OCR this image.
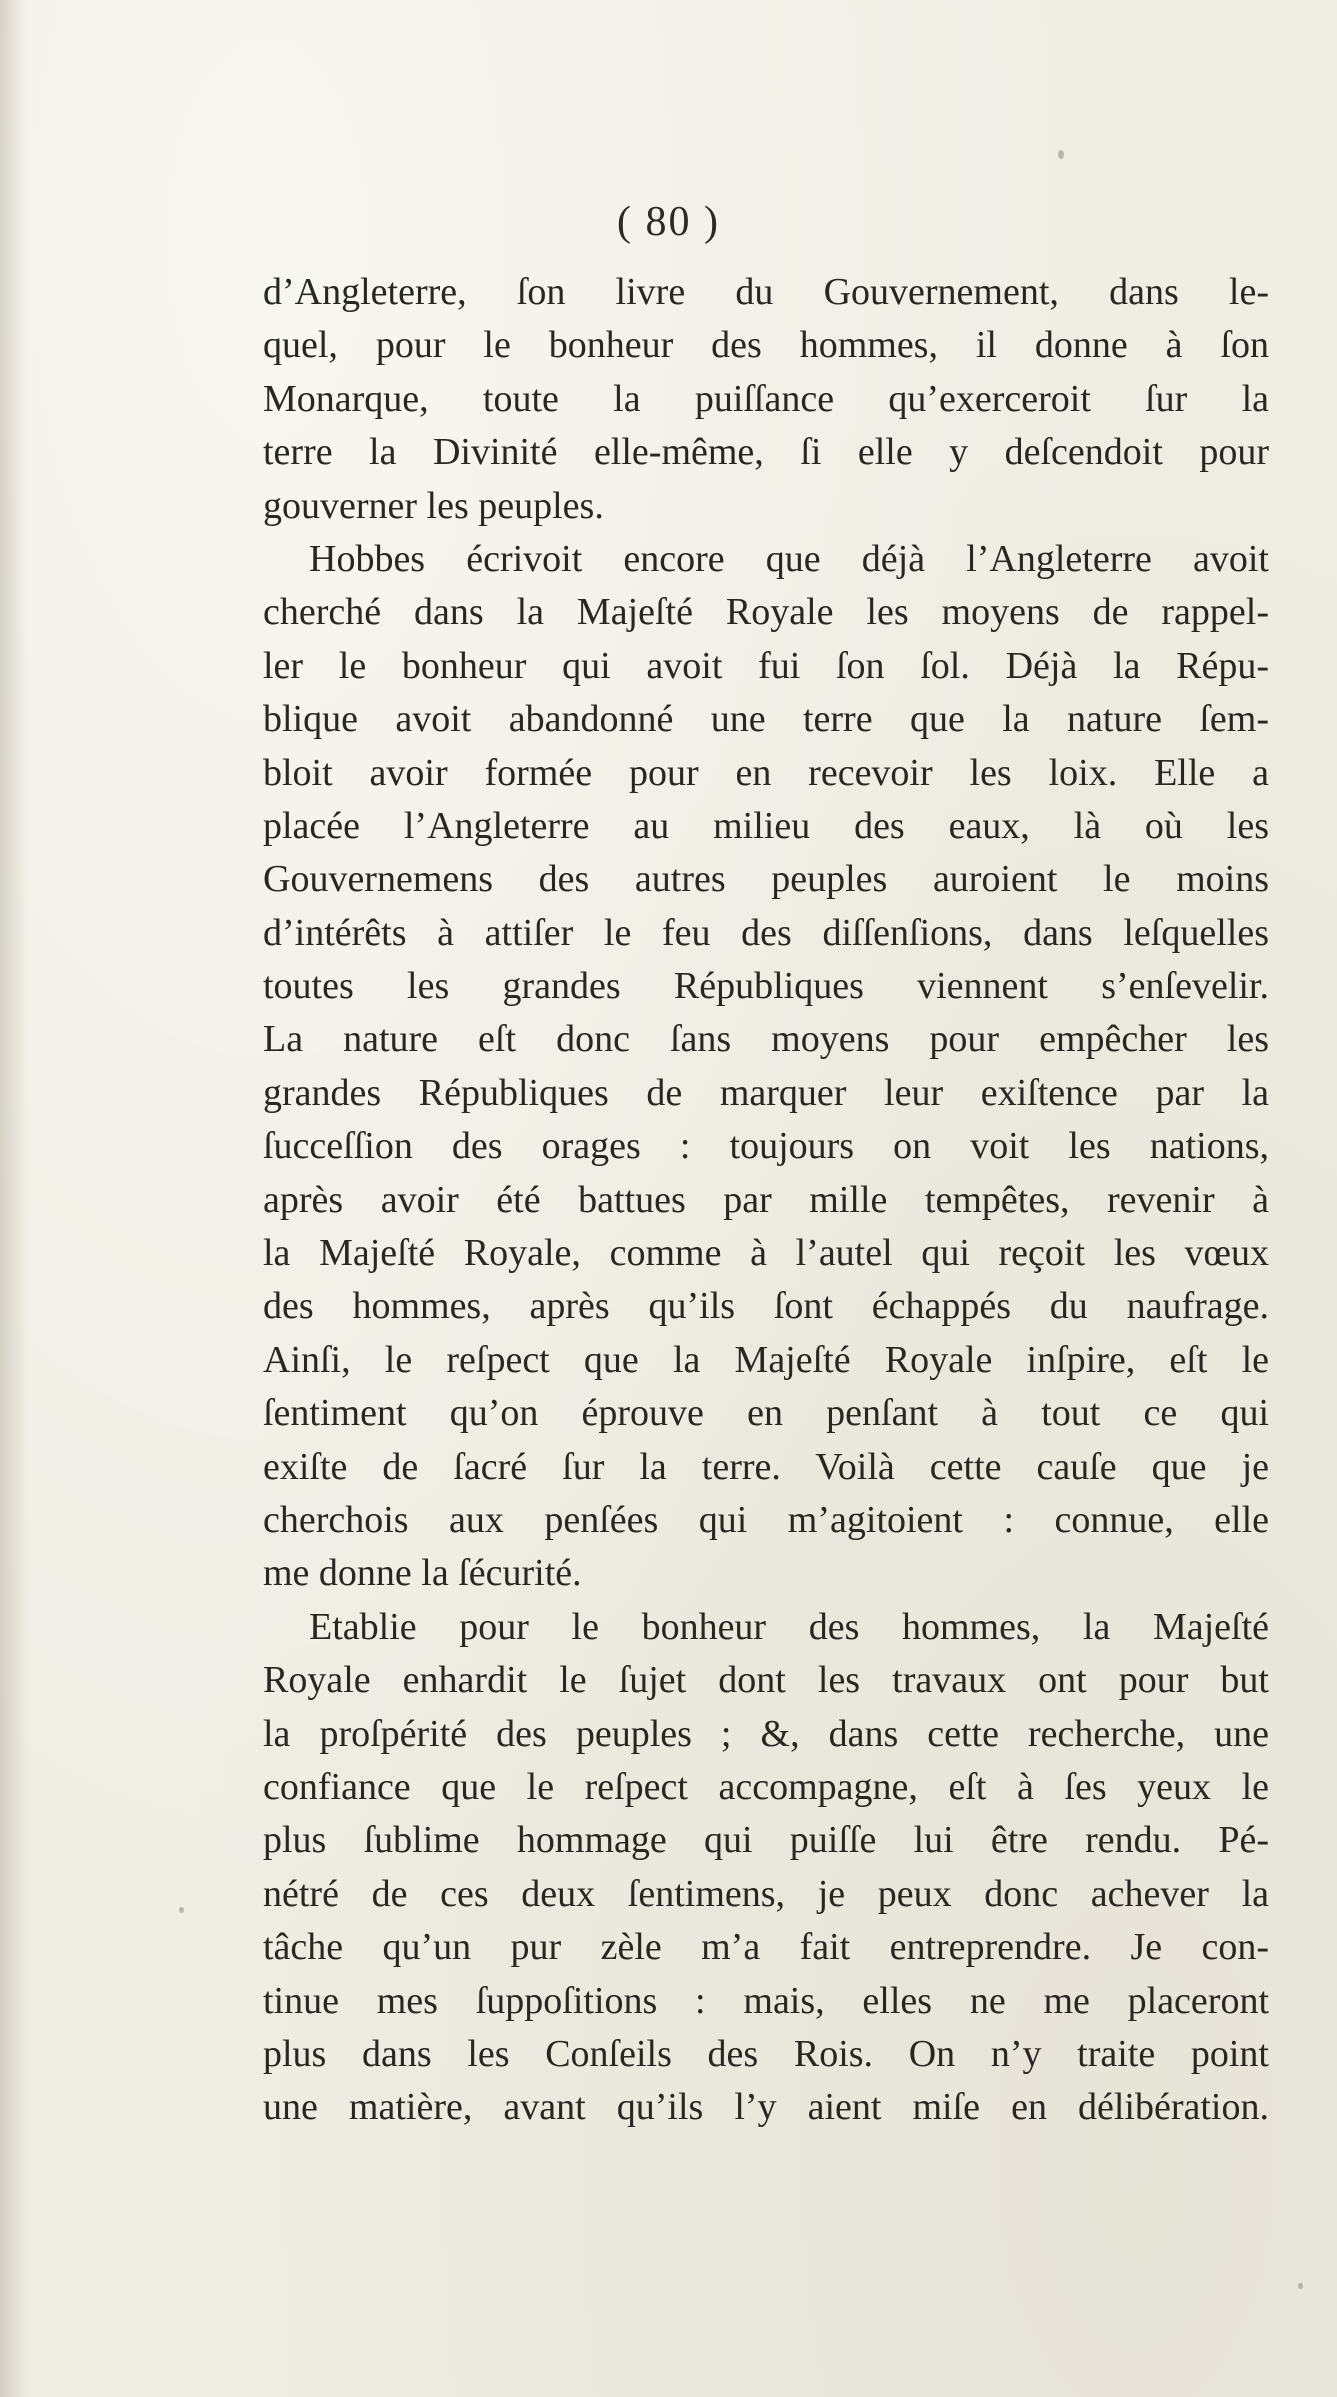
( 80 )
d’Angleterre, ſon livre du Gouvernement, dans le-
quel, pour le bonheur des hommes, il donne à ſon
Monarque, toute la puiſſance qu’exerceroit ſur la
terre la Divinité elle-même, ſi elle y deſcendoit pour
gouverner les peuples.
Hobbes écrivoit encore que déjà l’Angleterre avoit
cherché dans la Majeſté Royale les moyens de rappel-
ler le bonheur qui avoit fui ſon ſol. Déjà la Répu-
blique avoit abandonné une terre que la nature ſem-
bloit avoir formée pour en recevoir les loix. Elle a
placée l’Angleterre au milieu des eaux, là où les
Gouvernemens des autres peuples auroient le moins
d’intérêts à attiſer le feu des diſſenſions, dans leſquelles
toutes les grandes Républiques viennent s’enſevelir.
La nature eſt donc ſans moyens pour empêcher les
grandes Républiques de marquer leur exiſtence par la
ſucceſſion des orages : toujours on voit les nations,
après avoir été battues par mille tempêtes, revenir à
la Majeſté Royale, comme à l’autel qui reçoit les vœux
des hommes, après qu’ils ſont échappés du naufrage.
Ainſi, le reſpect que la Majeſté Royale inſpire, eſt le
ſentiment qu’on éprouve en penſant à tout ce qui
exiſte de ſacré ſur la terre. Voilà cette cauſe que je
cherchois aux penſées qui m’agitoient : connue, elle
me donne la ſécurité.
Etablie pour le bonheur des hommes, la Majeſté
Royale enhardit le ſujet dont les travaux ont pour but
la proſpérité des peuples ; &, dans cette recherche, une
confiance que le reſpect accompagne, eſt à ſes yeux le
plus ſublime hommage qui puiſſe lui être rendu. Pé-
nétré de ces deux ſentimens, je peux donc achever la
tâche qu’un pur zèle m’a fait entreprendre. Je con-
tinue mes ſuppoſitions : mais, elles ne me placeront
plus dans les Conſeils des Rois. On n’y traite point
une matière, avant qu’ils l’y aient miſe en délibération.
